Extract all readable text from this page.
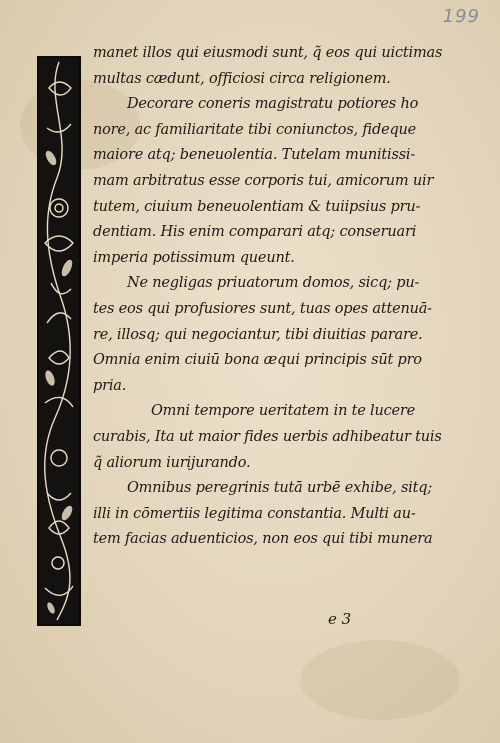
199
manet illos qui eiusmodi sunt, q̃ eos qui uictimas
multas cædunt, officiosi circa religionem.
Decorare coneris magistratu potiores ho
nore, ac familiaritate tibi coniunctos, fideque
maiore atq; beneuolentia. Tutelam munitissi-
mam arbitratus esse corporis tui, amicorum uir
tutem, ciuium beneuolentiam & tuiipsius pru-
dentiam. His enim comparari atq; conseruari
imperia potissimum queunt.
Ne negligas priuatorum domos, sicq; pu-
tes eos qui profusiores sunt, tuas opes attenuā-
re, illosq; qui negociantur, tibi diuitias parare.
Omnia enim ciuiū bona æqui principis sūt pro
pria.
Omni tempore ueritatem in te lucere
curabis, Ita ut maior fides uerbis adhibeatur tuis
q̃ aliorum iurijurando.
Omnibus peregrinis tutā urbē exhibe, sitq;
illi in cōmertiis legitima constantia. Multi au-
tem facias aduenticios, non eos qui tibi munera
e 3
